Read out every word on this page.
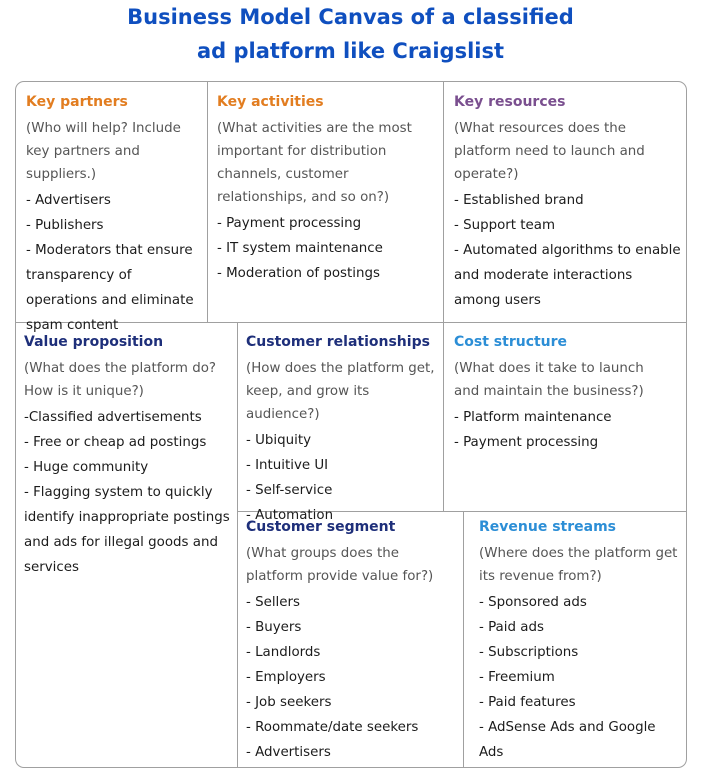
Business Model Canvas of a classified
ad platform like Craigslist
Key partners
(Who will help? Include key partners and suppliers.)
- Advertisers
- Publishers
- Moderators that ensure transparency of operations and eliminate spam content
Key activities
(What activities are the most important for distribution channels, customer relationships, and so on?)
- Payment processing
- IT system maintenance
- Moderation of postings
Key resources
(What resources does the platform need to launch and operate?)
- Established brand
- Support team
- Automated algorithms to enable and moderate interactions among users
Value proposition
(What does the platform do? How is it unique?)
-Classified advertisements
- Free or cheap ad postings
- Huge community
- Flagging system to quickly identify inappropriate postings and ads for illegal goods and services
Customer relationships
(How does the platform get, keep, and grow its audience?)
- Ubiquity
- Intuitive UI
- Self-service
- Automation
Cost structure
(What does it take to launch and maintain the business?)
- Platform maintenance
- Payment processing
Customer segment
(What groups does the platform provide value for?)
- Sellers
- Buyers
- Landlords
- Employers
- Job seekers
- Roommate/date seekers
- Advertisers
Revenue streams
(Where does the platform get its revenue from?)
- Sponsored ads
- Paid ads
- Subscriptions
- Freemium
- Paid features
- AdSense Ads and Google Ads
